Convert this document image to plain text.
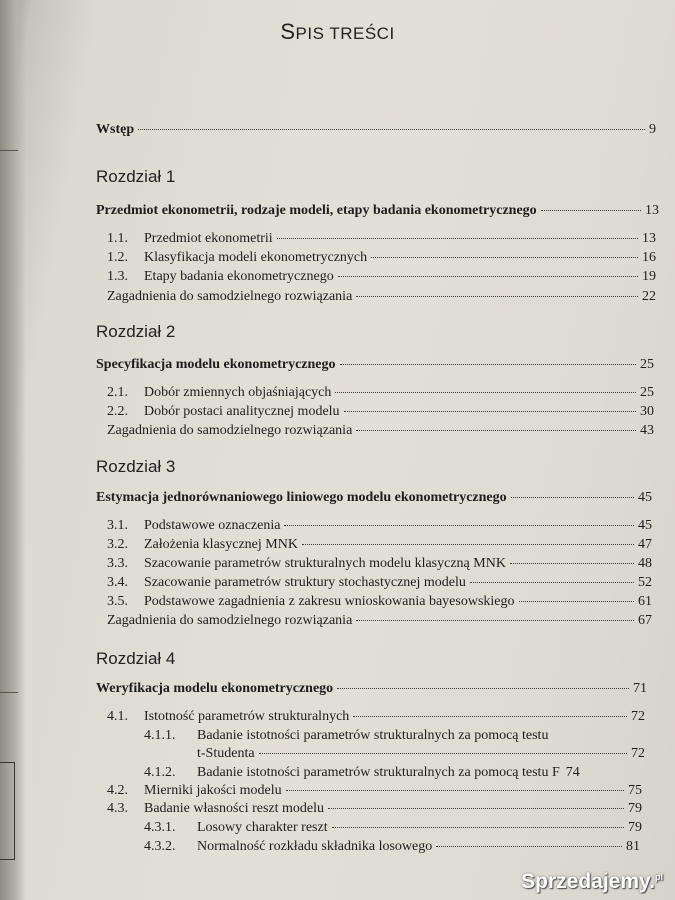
SPIS TREŚCI
Wstęp	9
Rozdział 1
Przedmiot ekonometrii, rodzaje modeli, etapy badania ekonometrycznego	13
1.1.	Przedmiot ekonometrii	13
1.2.	Klasyfikacja modeli ekonometrycznych	16
1.3.	Etapy badania ekonometrycznego	19
Zagadnienia do samodzielnego rozwiązania	22
Rozdział 2
Specyfikacja modelu ekonometrycznego	25
2.1.	Dobór zmiennych objaśniających	25
2.2.	Dobór postaci analitycznej modelu	30
Zagadnienia do samodzielnego rozwiązania	43
Rozdział 3
Estymacja jednorównaniowego liniowego modelu ekonometrycznego	45
3.1.	Podstawowe oznaczenia	45
3.2.	Założenia klasycznej MNK	47
3.3.	Szacowanie parametrów strukturalnych modelu klasyczną MNK	48
3.4.	Szacowanie parametrów struktury stochastycznej modelu	52
3.5.	Podstawowe zagadnienia z zakresu wnioskowania bayesowskiego	61
Zagadnienia do samodzielnego rozwiązania	67
Rozdział 4
Weryfikacja modelu ekonometrycznego	71
4.1.	Istotność parametrów strukturalnych	72
4.1.1.	Badanie istotności parametrów strukturalnych za pomocą testu
t-Studenta	72
4.1.2.	Badanie istotności parametrów strukturalnych za pomocą testu F 74
4.2.	Mierniki jakości modelu	75
4.3.	Badanie własności reszt modelu	79
4.3.1.	Losowy charakter reszt	79
4.3.2.	Normalność rozkładu składnika losowego	81
Sprzedajemy.$^{pl}$
